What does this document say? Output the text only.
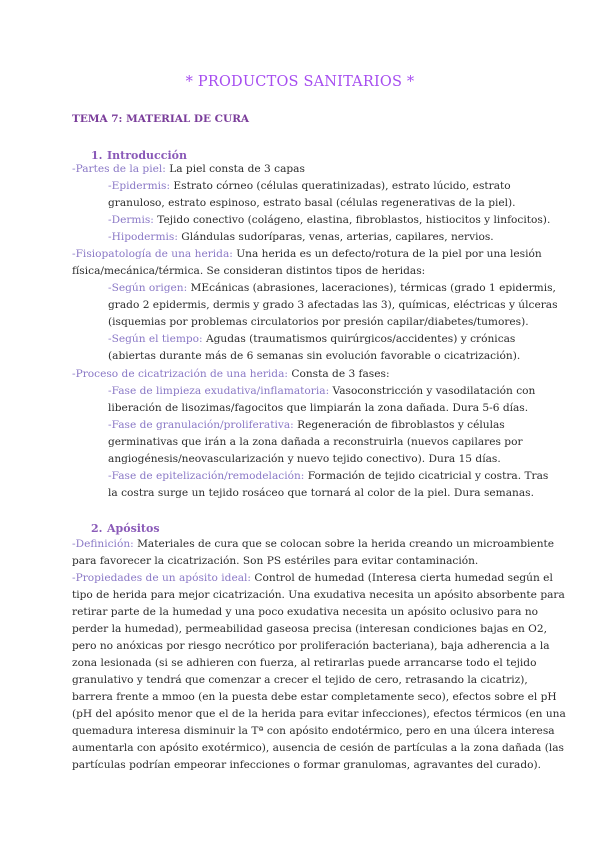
* PRODUCTOS SANITARIOS *
TEMA 7: MATERIAL DE CURA
1. Introducción
-Partes de la piel: La piel consta de 3 capas
-Epidermis: Estrato córneo (células queratinizadas), estrato lúcido, estrato
granuloso, estrato espinoso, estrato basal (células regenerativas de la piel).
-Dermis: Tejido conectivo (colágeno, elastina, fibroblastos, histiocitos y linfocitos).
-Hipodermis: Glándulas sudoríparas, venas, arterias, capilares, nervios.
-Fisiopatología de una herida: Una herida es un defecto/rotura de la piel por una lesión
física/mecánica/térmica. Se consideran distintos tipos de heridas:
-Según origen: MEcánicas (abrasiones, laceraciones), térmicas (grado 1 epidermis,
grado 2 epidermis, dermis y grado 3 afectadas las 3), químicas, eléctricas y úlceras
(isquemias por problemas circulatorios por presión capilar/diabetes/tumores).
-Según el tiempo: Agudas (traumatismos quirúrgicos/accidentes) y crónicas
(abiertas durante más de 6 semanas sin evolución favorable o cicatrización).
-Proceso de cicatrización de una herida: Consta de 3 fases:
-Fase de limpieza exudativa/inflamatoria: Vasoconstricción y vasodilatación con
liberación de lisozimas/fagocitos que limpiarán la zona dañada. Dura 5-6 días.
-Fase de granulación/proliferativa: Regeneración de fibroblastos y células
germinativas que irán a la zona dañada a reconstruirla (nuevos capilares por
angiogénesis/neovascularización y nuevo tejido conectivo). Dura 15 días.
-Fase de epitelización/remodelación: Formación de tejido cicatricial y costra. Tras
la costra surge un tejido rosáceo que tornará al color de la piel. Dura semanas.
2. Apósitos
-Definición: Materiales de cura que se colocan sobre la herida creando un microambiente
para favorecer la cicatrización. Son PS estériles para evitar contaminación.
-Propiedades de un apósito ideal: Control de humedad (Interesa cierta humedad según el
tipo de herida para mejor cicatrización. Una exudativa necesita un apósito absorbente para
retirar parte de la humedad y una poco exudativa necesita un apósito oclusivo para no
perder la humedad), permeabilidad gaseosa precisa (interesan condiciones bajas en O2,
pero no anóxicas por riesgo necrótico por proliferación bacteriana), baja adherencia a la
zona lesionada (si se adhieren con fuerza, al retirarlas puede arrancarse todo el tejido
granulativo y tendrá que comenzar a crecer el tejido de cero, retrasando la cicatriz),
barrera frente a mmoo (en la puesta debe estar completamente seco), efectos sobre el pH
(pH del apósito menor que el de la herida para evitar infecciones), efectos térmicos (en una
quemadura interesa disminuir la Tª con apósito endotérmico, pero en una úlcera interesa
aumentarla con apósito exotérmico), ausencia de cesión de partículas a la zona dañada (las
partículas podrían empeorar infecciones o formar granulomas, agravantes del curado).
